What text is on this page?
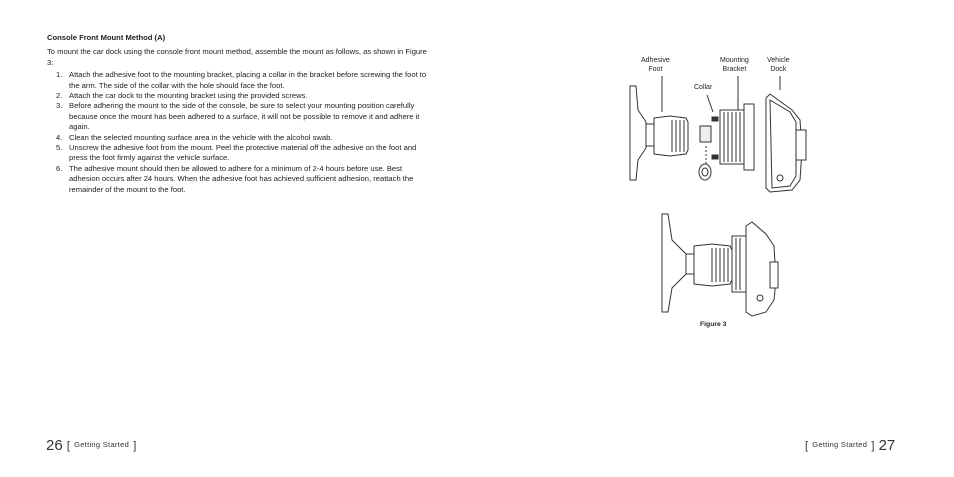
Console Front Mount Method (A)
To mount the car dock using the console front mount method, assemble the mount as follows, as shown in Figure 3:
1. Attach the adhesive foot to the mounting bracket, placing a collar in the bracket before screwing the foot to the arm. The side of the collar with the hole should face the foot.
2. Attach the car dock to the mounting bracket using the provided screws.
3. Before adhering the mount to the side of the console, be sure to select your mounting position carefully because once the mount has been adhered to a surface, it will not be possible to remove it and adhere it again.
4. Clean the selected mounting surface area in the vehicle with the alcohol swab.
5. Unscrew the adhesive foot from the mount. Peel the protective material off the adhesive on the foot and press the foot firmly against the vehicle surface.
6. The adhesive mount should then be allowed to adhere for a minimum of 2-4 hours before use. Best adhesion occurs after 24 hours. When the adhesive foot has achieved sufficient adhesion, reattach the remainder of the mount to the foot.
Adhesive
Foot
Collar
Mounting
Bracket
Vehicle
Dock
Figure 3
26 [ $^{Getting Started}$ ]	[ $^{Getting Started}$ ] 27
